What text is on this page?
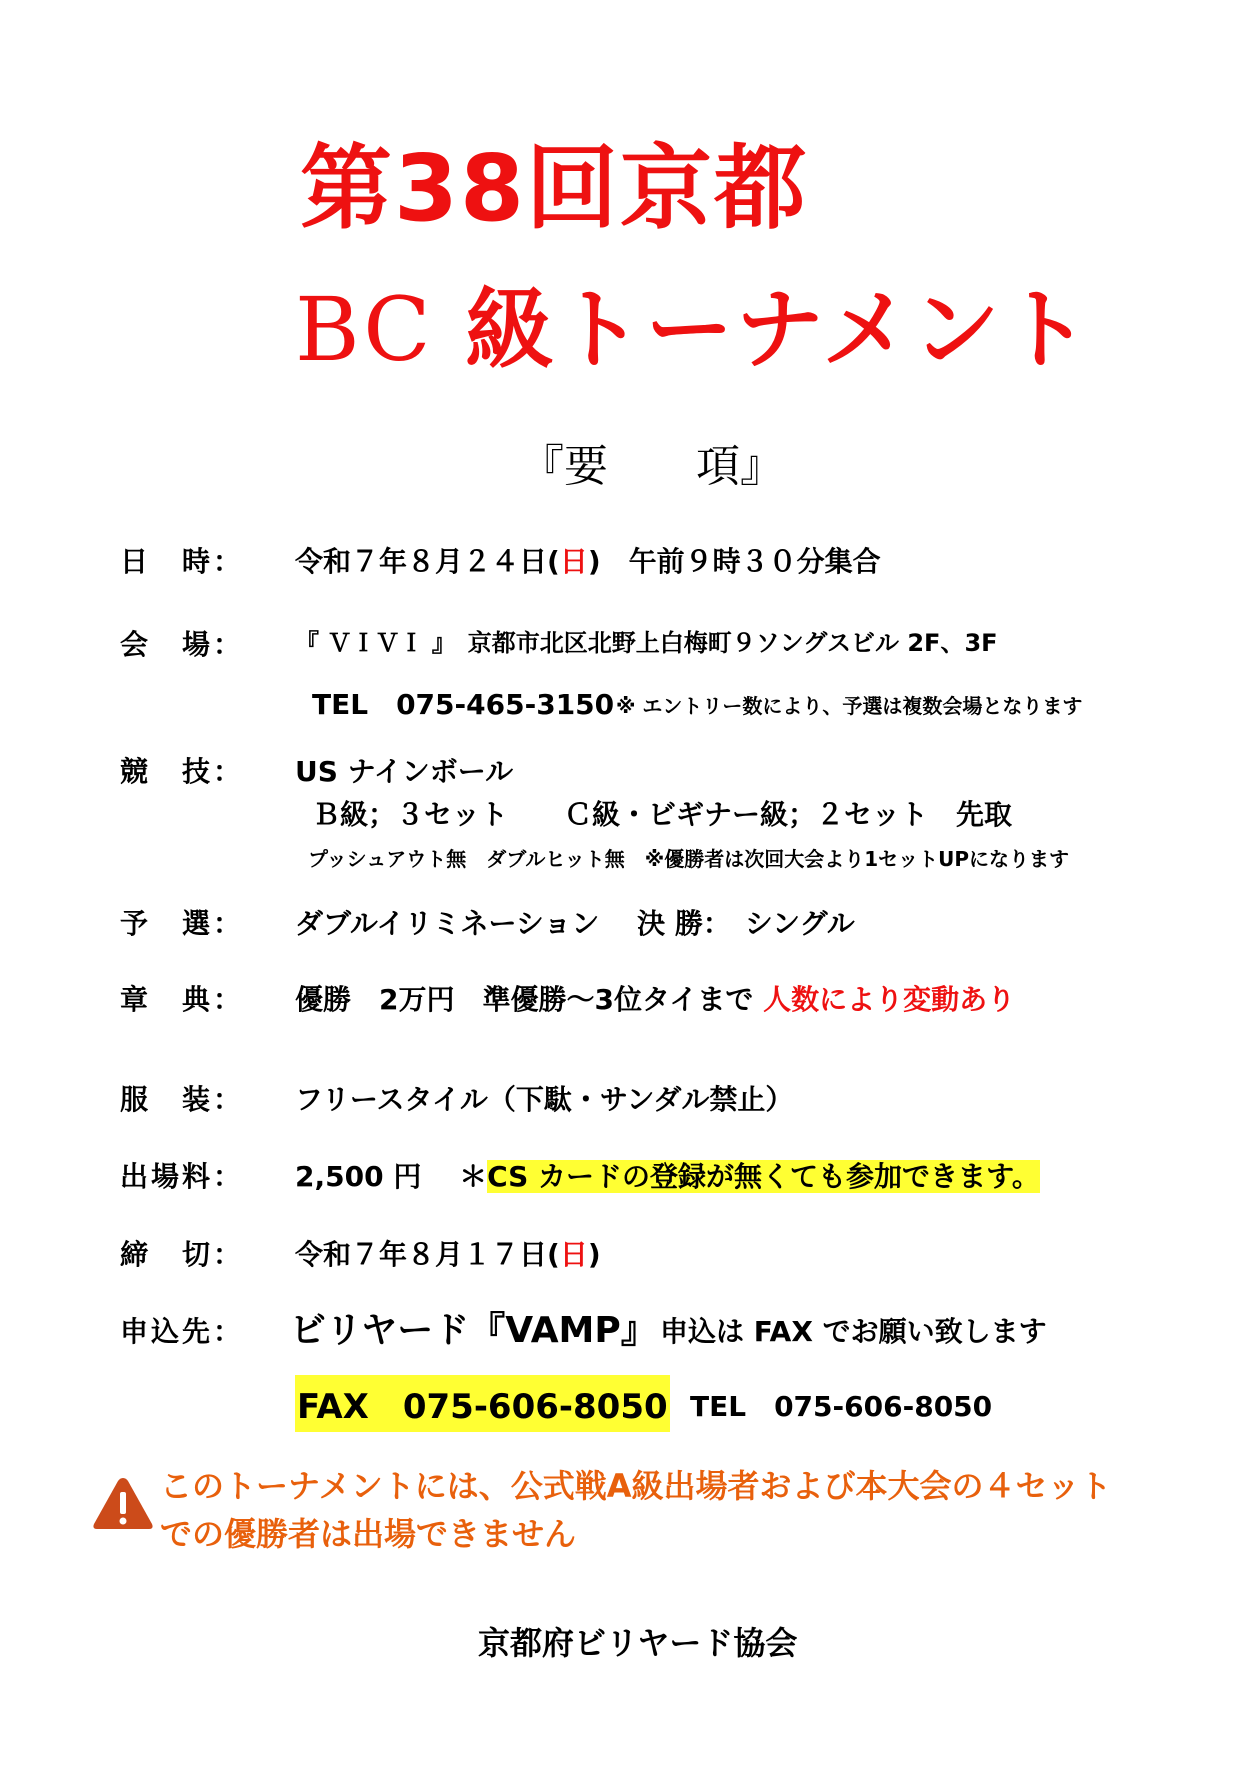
第38回京都
BC 級トーナメント
『要　　項』
日　時： 令和７年８月２４日(日)　午前９時３０分集合
会　場： 『 ＶＩＶＩ 』　京都市北区北野上白梅町９ソングスビル 2F、3F
TEL　075-465-3150 ※ エントリー数により、予選は複数会場となります
競　技： US ナインボール
Ｂ級；３セット　　Ｃ級・ビギナー級；２セット　先取
プッシュアウト無　ダブルヒット無　※優勝者は次回大会より1セットUPになります
予　選： ダブルイリミネーション　 決 勝：　シングル
章　典： 優勝　2万円　準優勝～3位タイまで 人数により変動あり
服　装： フリースタイル（下駄・サンダル禁止）
出場料： 2,500 円　 ＊CS カードの登録が無くても参加できます。
締　切： 令和７年８月１７日(日)
申込先： ビリヤード『VAMP』 申込は FAX でお願い致します
FAX　075-606-8050 TEL　075-606-8050
このトーナメントには、公式戦A級出場者および本大会の４セット
での優勝者は出場できません
京都府ビリヤード協会
